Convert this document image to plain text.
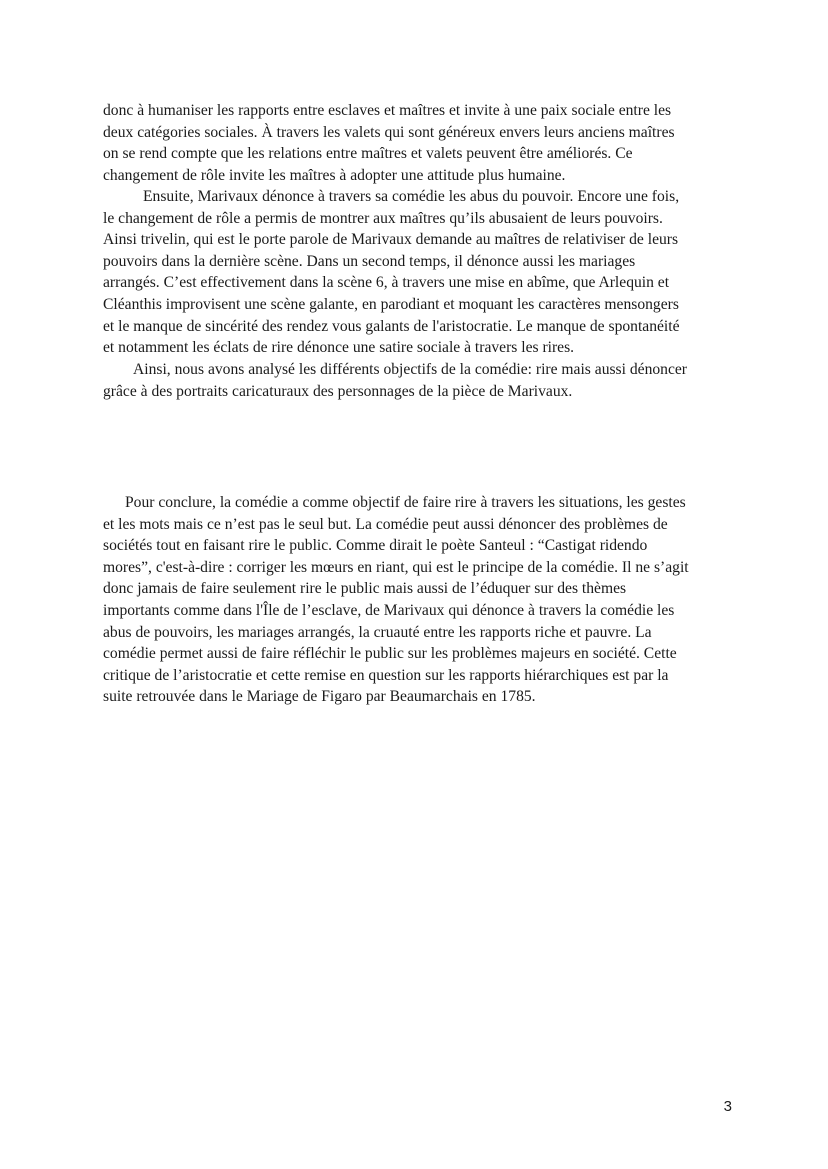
donc à humaniser les rapports entre esclaves et maîtres et invite à une paix sociale entre les
deux catégories sociales. À travers les valets qui sont généreux envers leurs anciens maîtres
on se rend compte que les relations entre maîtres et valets peuvent être améliorés. Ce
changement de rôle invite les maîtres à adopter une attitude plus humaine.
Ensuite, Marivaux dénonce à travers sa comédie les abus du pouvoir. Encore une fois,
le changement de rôle a permis de montrer aux maîtres qu’ils abusaient de leurs pouvoirs.
Ainsi trivelin, qui est le porte parole de Marivaux demande au maîtres de relativiser de leurs
pouvoirs dans la dernière scène. Dans un second temps, il dénonce aussi les mariages
arrangés. C’est effectivement dans la scène 6, à travers une mise en abîme, que Arlequin et
Cléanthis improvisent une scène galante, en parodiant et moquant les caractères mensongers
et le manque de sincérité des rendez vous galants de l'aristocratie. Le manque de spontanéité
et notamment les éclats de rire dénonce une satire sociale à travers les rires.
Ainsi, nous avons analysé les différents objectifs de la comédie: rire mais aussi dénoncer
grâce à des portraits caricaturaux des personnages de la pièce de Marivaux.
Pour conclure, la comédie a comme objectif de faire rire à travers les situations, les gestes
et les mots mais ce n’est pas le seul but. La comédie peut aussi dénoncer des problèmes de
sociétés tout en faisant rire le public. Comme dirait le poète Santeul : “Castigat ridendo
mores”, c'est-à-dire : corriger les mœurs en riant, qui est le principe de la comédie. Il ne s’agit
donc jamais de faire seulement rire le public mais aussi de l’éduquer sur des thèmes
importants comme dans l'Île de l’esclave, de Marivaux qui dénonce à travers la comédie les
abus de pouvoirs, les mariages arrangés, la cruauté entre les rapports riche et pauvre. La
comédie permet aussi de faire réfléchir le public sur les problèmes majeurs en société. Cette
critique de l’aristocratie et cette remise en question sur les rapports hiérarchiques est par la
suite retrouvée dans le Mariage de Figaro par Beaumarchais en 1785.
3
